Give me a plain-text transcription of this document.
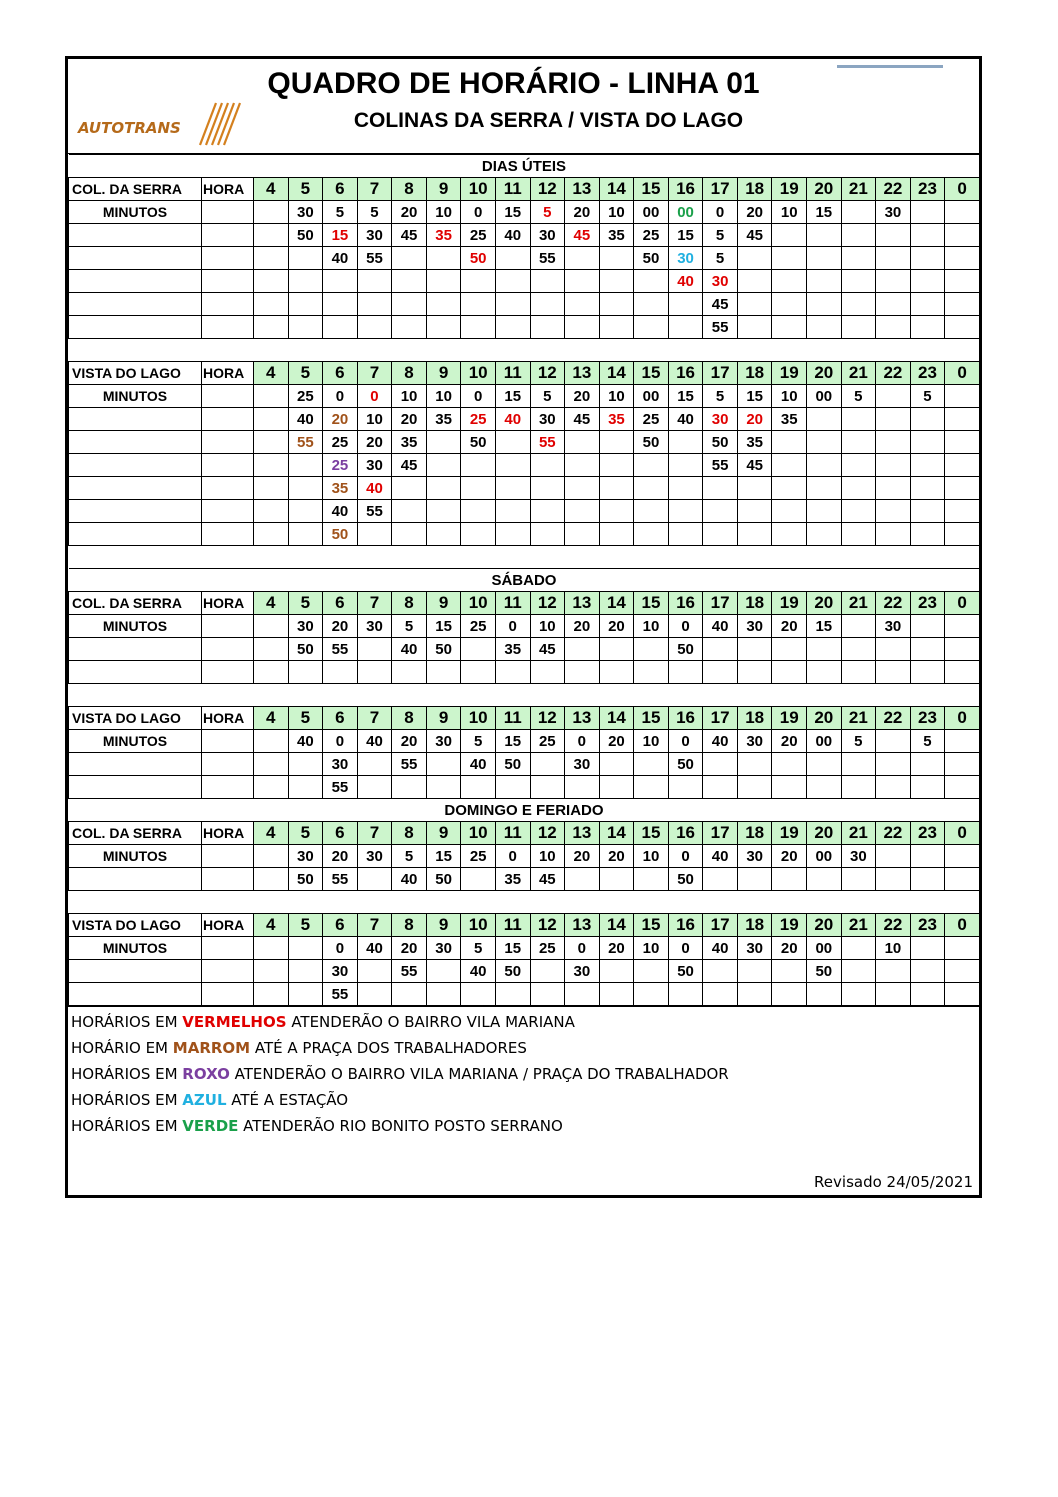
AUTOTRANS
QUADRO DE HORÁRIO - LINHA 01
COLINAS DA SERRA / VISTA DO LAGO
DIAS ÚTEIS																						
COL. DA SERRA	HORA	4	5	6	7	8	9	10	11	12	13	14	15	16	17	18	19	20	21	22	23	0
MINUTOS			30	5	5	20	10	0	15	5	20	10	00	00	0	20	10	15		30		
			50	15	30	45	35	25	40	30	45	35	25	15	5	45						
				40	55			50		55			50	30	5							
														40	30							
															45							
															55							

VISTA DO LAGO	HORA	4	5	6	7	8	9	10	11	12	13	14	15	16	17	18	19	20	21	22	23	0
MINUTOS			25	0	0	10	10	0	15	5	20	10	00	15	5	15	10	00	5		5	
			40	20	10	20	35	25	40	30	45	35	25	40	30	20	35					
			55	25	20	35		50		55			50		50	35						
				25	30	45									55	45						
				35	40																	
				40	55																	
				50																		

SÁBADO																						
COL. DA SERRA	HORA	4	5	6	7	8	9	10	11	12	13	14	15	16	17	18	19	20	21	22	23	0
MINUTOS			30	20	30	5	15	25	0	10	20	20	10	0	40	30	20	15		30		
			50	55		40	50		35	45				50								

VISTA DO LAGO	HORA	4	5	6	7	8	9	10	11	12	13	14	15	16	17	18	19	20	21	22	23	0
MINUTOS			40	0	40	20	30	5	15	25	0	20	10	0	40	30	20	00	5		5	
				30		55		40	50		30			50								
				55																		
DOMINGO E FERIADO																						
COL. DA SERRA	HORA	4	5	6	7	8	9	10	11	12	13	14	15	16	17	18	19	20	21	22	23	0
MINUTOS			30	20	30	5	15	25	0	10	20	20	10	0	40	30	20	00	30			
			50	55		40	50		35	45				50								

VISTA DO LAGO	HORA	4	5	6	7	8	9	10	11	12	13	14	15	16	17	18	19	20	21	22	23	0
MINUTOS				0	40	20	30	5	15	25	0	20	10	0	40	30	20	00		10		
				30		55		40	50		30			50				50				
				55																		
HORÁRIOS EM VERMELHOS ATENDERÃO O BAIRRO VILA MARIANA
HORÁRIO EM MARROM ATÉ A PRAÇA DOS TRABALHADORES
HORÁRIOS EM ROXO ATENDERÃO O BAIRRO VILA MARIANA / PRAÇA DO TRABALHADOR
HORÁRIOS EM AZUL ATÉ A ESTAÇÃO
HORÁRIOS EM VERDE ATENDERÃO RIO BONITO POSTO SERRANO
Revisado 24/05/2021
